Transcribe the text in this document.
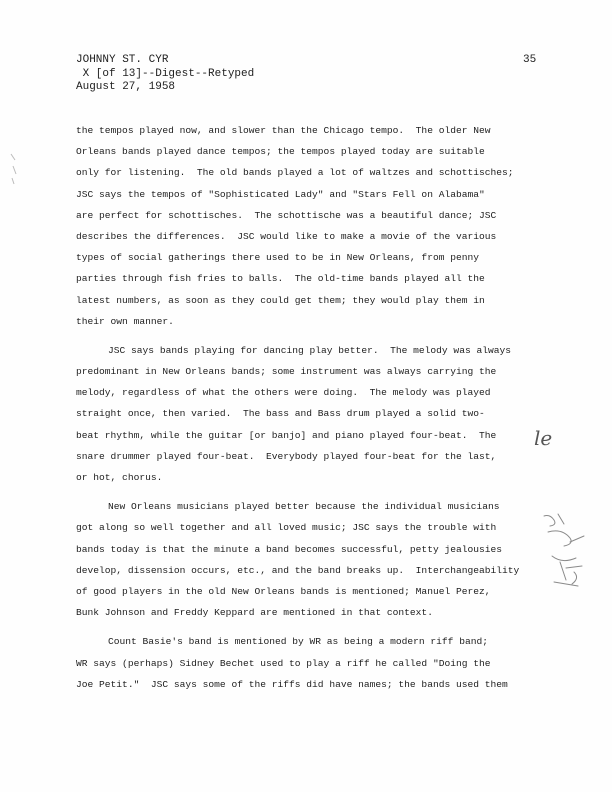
JOHNNY ST. CYR
X [of 13]--Digest--Retyped
August 27, 1958
35
the tempos played now, and slower than the Chicago tempo.  The older New
Orleans bands played dance tempos; the tempos played today are suitable
only for listening.  The old bands played a lot of waltzes and schottisches;
JSC says the tempos of "Sophisticated Lady" and "Stars Fell on Alabama"
are perfect for schottisches.  The schottische was a beautiful dance; JSC
describes the differences.  JSC would like to make a movie of the various
types of social gatherings there used to be in New Orleans, from penny
parties through fish fries to balls.  The old-time bands played all the
latest numbers, as soon as they could get them; they would play them in
their own manner.
JSC says bands playing for dancing play better.  The melody was always
predominant in New Orleans bands; some instrument was always carrying the
melody, regardless of what the others were doing.  The melody was played
straight once, then varied.  The bass and Bass drum played a solid two-
beat rhythm, while the guitar [or banjo] and piano played four-beat.  The
snare drummer played four-beat.  Everybody played four-beat for the last,
or hot, chorus.
New Orleans musicians played better because the individual musicians
got along so well together and all loved music; JSC says the trouble with
bands today is that the minute a band becomes successful, petty jealousies
develop, dissension occurs, etc., and the band breaks up.  Interchangeability
of good players in the old New Orleans bands is mentioned; Manuel Perez,
Bunk Johnson and Freddy Keppard are mentioned in that context.
Count Basie's band is mentioned by WR as being a modern riff band;
WR says (perhaps) Sidney Bechet used to play a riff he called "Doing the
Joe Petit."  JSC says some of the riffs did have names; the bands used them
le
